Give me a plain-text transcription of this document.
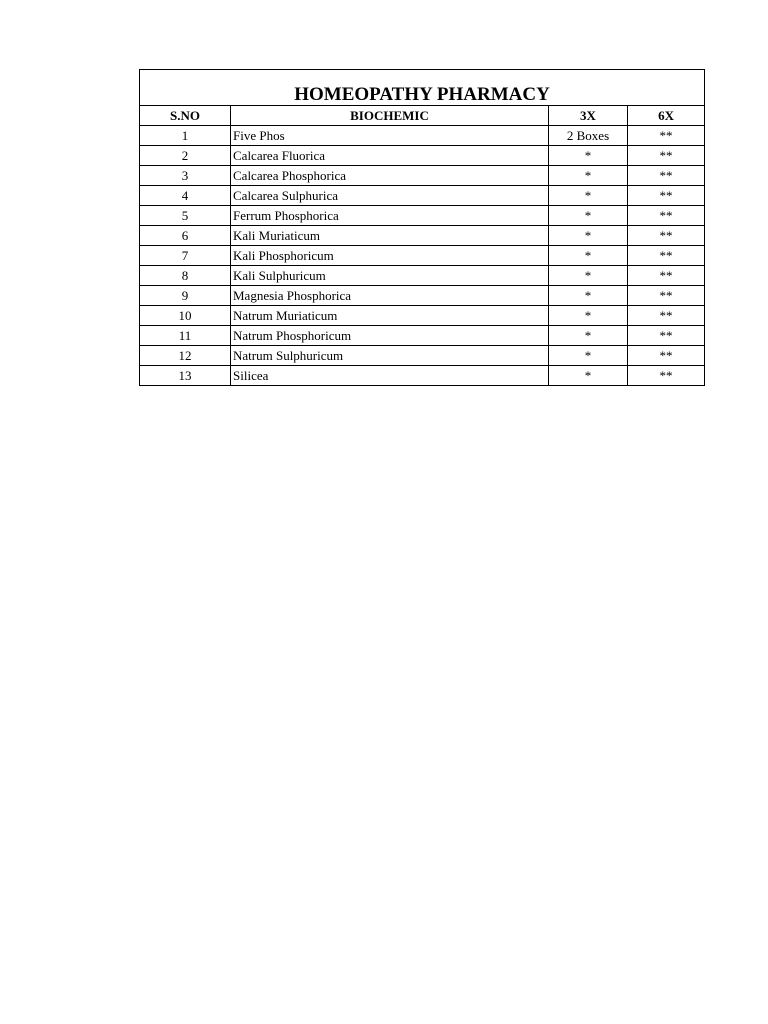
HOMEOPATHY PHARMACY			
S.NO	BIOCHEMIC	3X	6X
1	Five Phos	2 Boxes	**
2	Calcarea Fluorica	*	**
3	Calcarea Phosphorica	*	**
4	Calcarea Sulphurica	*	**
5	Ferrum Phosphorica	*	**
6	Kali Muriaticum	*	**
7	Kali Phosphoricum	*	**
8	Kali Sulphuricum	*	**
9	Magnesia Phosphorica	*	**
10	Natrum Muriaticum	*	**
11	Natrum Phosphoricum	*	**
12	Natrum Sulphuricum	*	**
13	Silicea	*	**
